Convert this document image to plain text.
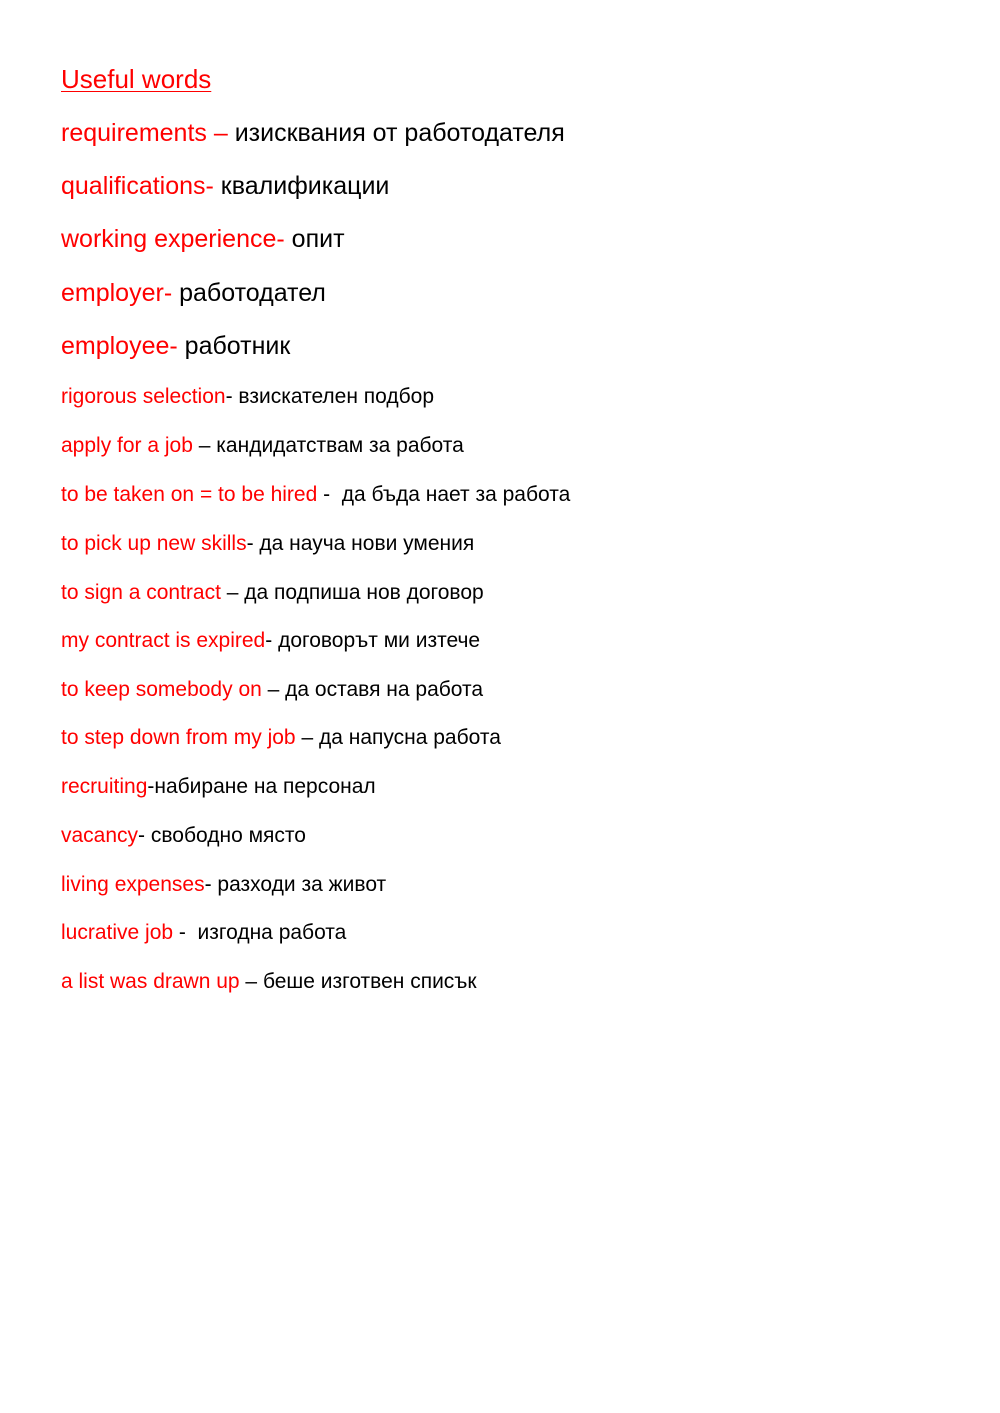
Useful words
requirements – изисквания от работодателя
qualifications- квалификации
working experience- опит
employer- работодател
employee- работник
rigorous selection- взискателен подбор
apply for a job – кандидатствам за работа
to be taken on = to be hired -  да бъда нает за работа
to pick up new skills- да науча нови умения
to sign a contract – да подпиша нов договор
my contract is expired- договорът ми изтече
to keep somebody on – да оставя на работа
to step down from my job – да напусна работа
recruiting-набиране на персонал
vacancy- свободно място
living expenses- разходи за живот
lucrative job -  изгодна работа
a list was drawn up – беше изготвен списък
